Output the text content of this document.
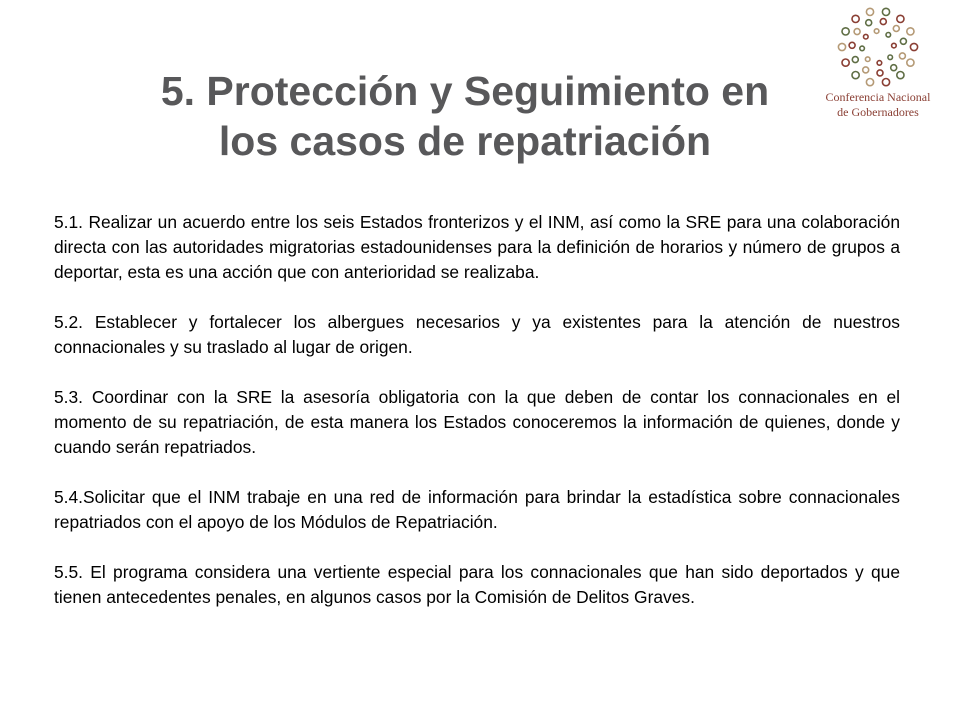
5. Protección y Seguimiento en
los casos de repatriación
Conferencia Nacional
de Gobernadores

5.1. Realizar un acuerdo entre los seis Estados fronterizos y el INM, así como la SRE para una colaboración directa con las autoridades migratorias estadounidenses para la definición de horarios y número de grupos a deportar, esta es una acción que con anterioridad se realizaba.

5.2. Establecer y fortalecer los albergues necesarios y ya existentes para la atención de nuestros connacionales y su traslado al lugar de origen.

5.3. Coordinar con la SRE la asesoría obligatoria con la que deben de contar los connacionales en el momento de su repatriación, de esta manera los Estados conoceremos la información de quienes, donde y cuando serán repatriados.

5.4.Solicitar que el INM trabaje en una red de información para brindar la estadística sobre connacionales repatriados con el apoyo de los Módulos de Repatriación.

5.5. El programa considera una vertiente especial para los connacionales que han sido deportados y que tienen antecedentes penales, en algunos casos por la Comisión de Delitos Graves.
